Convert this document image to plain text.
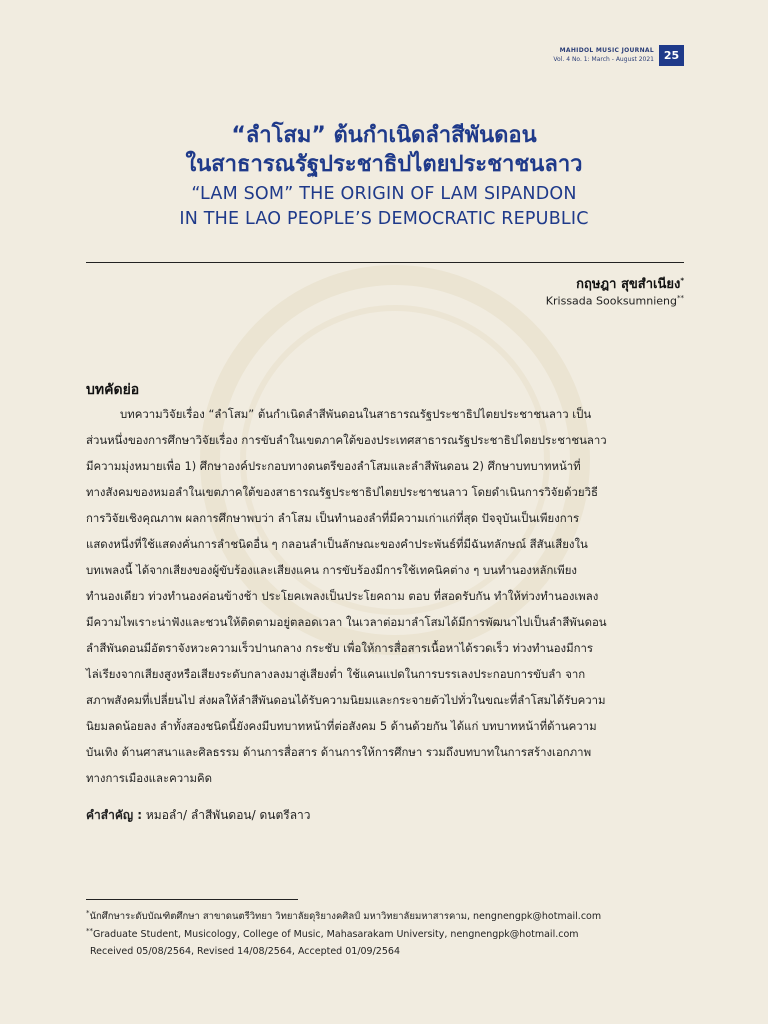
MAHIDOL MUSIC JOURNAL
Vol. 4 No. 1: March - August 2021 25
“ลำโสม” ต้นกำเนิดลำสีพันดอน
ในสาธารณรัฐประชาธิปไตยประชาชนลาว
“LAM SOM” THE ORIGIN OF LAM SIPANDON
IN THE LAO PEOPLE’S DEMOCRATIC REPUBLIC
กฤษฎา สุขสำเนียง*
Krissada Sooksumnieng**
บทคัดย่อ
บทความวิจัยเรื่อง “ลำโสม” ต้นกำเนิดลำสีพันดอนในสาธารณรัฐประชาธิปไตยประชาชนลาว เป็น
ส่วนหนึ่งของการศึกษาวิจัยเรื่อง การขับลำในเขตภาคใต้ของประเทศสาธารณรัฐประชาธิปไตยประชาชนลาว
มีความมุ่งหมายเพื่อ 1) ศึกษาองค์ประกอบทางดนตรีของลำโสมและลำสีพันดอน 2) ศึกษาบทบาทหน้าที่
ทางสังคมของหมอลำในเขตภาคใต้ของสาธารณรัฐประชาธิปไตยประชาชนลาว โดยดำเนินการวิจัยด้วยวิธี
การวิจัยเชิงคุณภาพ ผลการศึกษาพบว่า ลำโสม เป็นทำนองลำที่มีความเก่าแก่ที่สุด ปัจจุบันเป็นเพียงการ
แสดงหนึ่งที่ใช้แสดงคั่นการลำชนิดอื่น ๆ กลอนลำเป็นลักษณะของคำประพันธ์ที่มีฉันทลักษณ์ สีสันเสียงใน
บทเพลงนี้ ได้จากเสียงของผู้ขับร้องและเสียงแคน การขับร้องมีการใช้เทคนิคต่าง ๆ บนทำนองหลักเพียง
ทำนองเดียว ท่วงทำนองค่อนข้างช้า ประโยคเพลงเป็นประโยคถาม ตอบ ที่สอดรับกัน ทำให้ท่วงทำนองเพลง
มีความไพเราะน่าฟังและชวนให้ติดตามอยู่ตลอดเวลา ในเวลาต่อมาลำโสมได้มีการพัฒนาไปเป็นลำสีพันดอน
ลำสีพันดอนมีอัตราจังหวะความเร็วปานกลาง กระชับ เพื่อให้การสื่อสารเนื้อหาได้รวดเร็ว ท่วงทำนองมีการ
ไล่เรียงจากเสียงสูงหรือเสียงระดับกลางลงมาสู่เสียงต่ำ ใช้แคนแปดในการบรรเลงประกอบการขับลำ จาก
สภาพสังคมที่เปลี่ยนไป ส่งผลให้ลำสีพันดอนได้รับความนิยมและกระจายตัวไปทั่วในขณะที่ลำโสมได้รับความ
นิยมลดน้อยลง ลำทั้งสองชนิดนี้ยังคงมีบทบาทหน้าที่ต่อสังคม 5 ด้านด้วยกัน ได้แก่ บทบาทหน้าที่ด้านความ
บันเทิง ด้านศาสนาและศิลธรรม ด้านการสื่อสาร ด้านการให้การศึกษา รวมถึงบทบาทในการสร้างเอกภาพ
ทางการเมืองและความคิด
คำสำคัญ : หมอลำ/ ลำสีพันดอน/ ดนตรีลาว
*นักศึกษาระดับบัณฑิตศึกษา สาขาดนตรีวิทยา วิทยาลัยดุริยางคศิลป์ มหาวิทยาลัยมหาสารคาม, nengnengpk@hotmail.com
**Graduate Student, Musicology, College of Music, Mahasarakam University, nengnengpk@hotmail.com
Received 05/08/2564, Revised 14/08/2564, Accepted 01/09/2564
